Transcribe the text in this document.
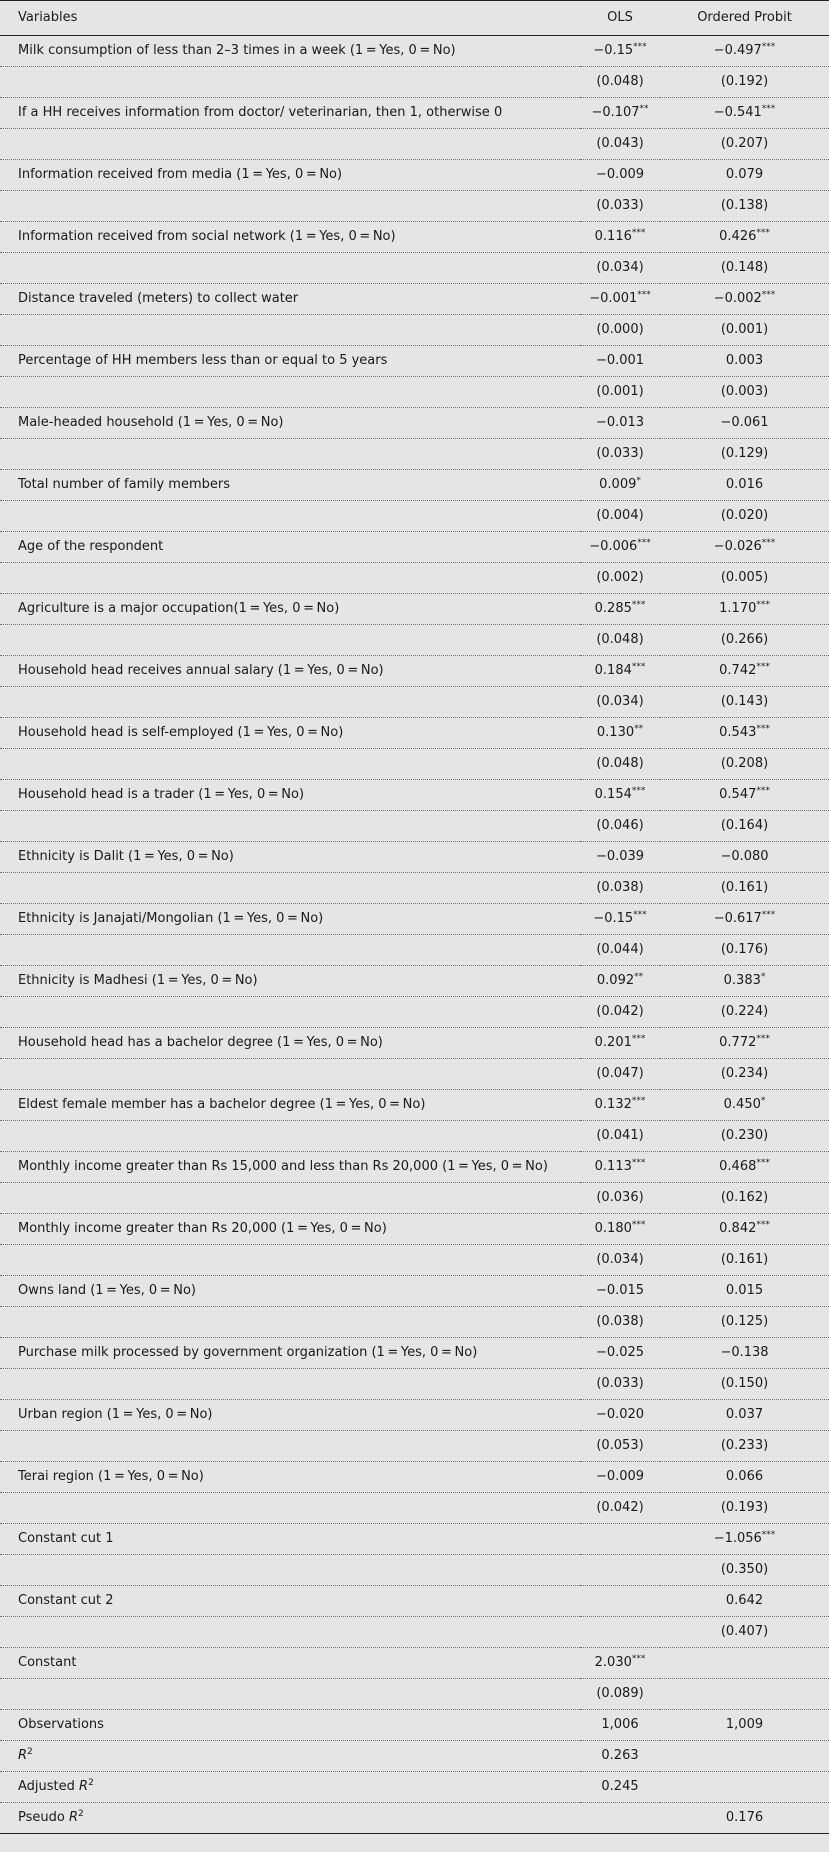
Variables	OLS	Ordered Probit
Milk consumption of less than 2–3 times in a week (1 = Yes, 0 = No)	−0.15***	−0.497***
	(0.048)	(0.192)
If a HH receives information from doctor/ veterinarian, then 1, otherwise 0	−0.107**	−0.541***
	(0.043)	(0.207)
Information received from media (1 = Yes, 0 = No)	−0.009	0.079
	(0.033)	(0.138)
Information received from social network (1 = Yes, 0 = No)	0.116***	0.426***
	(0.034)	(0.148)
Distance traveled (meters) to collect water	−0.001***	−0.002***
	(0.000)	(0.001)
Percentage of HH members less than or equal to 5 years	−0.001	0.003
	(0.001)	(0.003)
Male-headed household (1 = Yes, 0 = No)	−0.013	−0.061
	(0.033)	(0.129)
Total number of family members	0.009*	0.016
	(0.004)	(0.020)
Age of the respondent	−0.006***	−0.026***
	(0.002)	(0.005)
Agriculture is a major occupation(1 = Yes, 0 = No)	0.285***	1.170***
	(0.048)	(0.266)
Household head receives annual salary (1 = Yes, 0 = No)	0.184***	0.742***
	(0.034)	(0.143)
Household head is self-employed (1 = Yes, 0 = No)	0.130**	0.543***
	(0.048)	(0.208)
Household head is a trader (1 = Yes, 0 = No)	0.154***	0.547***
	(0.046)	(0.164)
Ethnicity is Dalit (1 = Yes, 0 = No)	−0.039	−0.080
	(0.038)	(0.161)
Ethnicity is Janajati/Mongolian (1 = Yes, 0 = No)	−0.15***	−0.617***
	(0.044)	(0.176)
Ethnicity is Madhesi (1 = Yes, 0 = No)	0.092**	0.383*
	(0.042)	(0.224)
Household head has a bachelor degree (1 = Yes, 0 = No)	0.201***	0.772***
	(0.047)	(0.234)
Eldest female member has a bachelor degree (1 = Yes, 0 = No)	0.132***	0.450*
	(0.041)	(0.230)
Monthly income greater than Rs 15,000 and less than Rs 20,000 (1 = Yes, 0 = No)	0.113***	0.468***
	(0.036)	(0.162)
Monthly income greater than Rs 20,000 (1 = Yes, 0 = No)	0.180***	0.842***
	(0.034)	(0.161)
Owns land (1 = Yes, 0 = No)	−0.015	0.015
	(0.038)	(0.125)
Purchase milk processed by government organization (1 = Yes, 0 = No)	−0.025	−0.138
	(0.033)	(0.150)
Urban region (1 = Yes, 0 = No)	−0.020	0.037
	(0.053)	(0.233)
Terai region (1 = Yes, 0 = No)	−0.009	0.066
	(0.042)	(0.193)
Constant cut 1		−1.056***
		(0.350)
Constant cut 2		0.642
		(0.407)
Constant	2.030***	
	(0.089)	
Observations	1,006	1,009
$R^2$	0.263	
Adjusted $R^2$	0.245	
Pseudo $R^2$		0.176
